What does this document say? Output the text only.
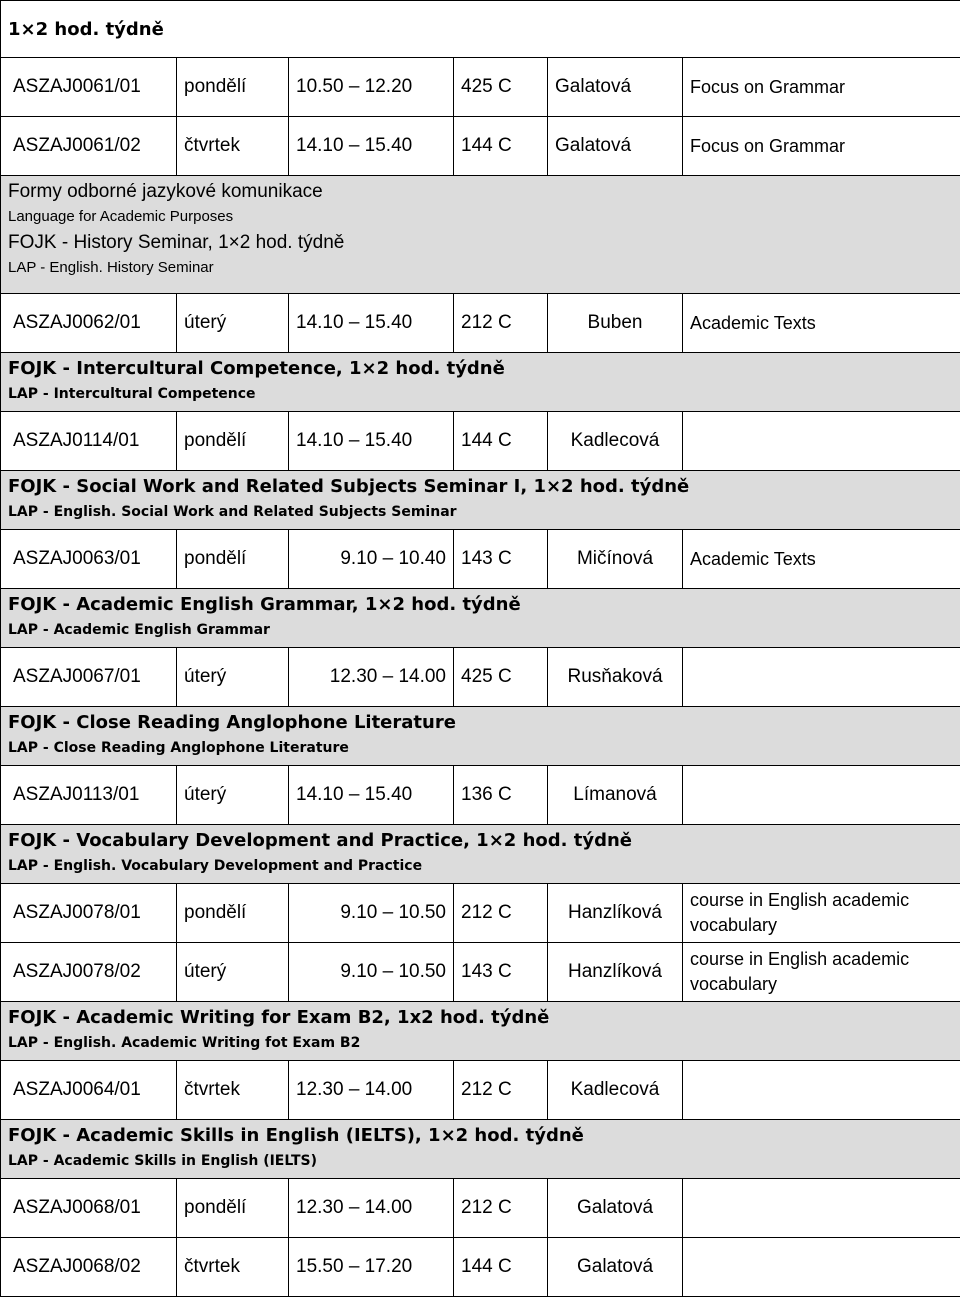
1×2 hod. týdně					
ASZAJ0061/01	pondělí	10.50 – 12.20	425 C	Galatová	Focus on Grammar
ASZAJ0061/02	čtvrtek	14.10 – 15.40	144 C	Galatová	Focus on Grammar

Formy odborné jazykové komunikace
Language for Academic Purposes
FOJK - History Seminar, 1×2 hod. týdně
LAP - English. History Seminar					

ASZAJ0062/01	úterý	14.10 – 15.40	212 C	Buben	Academic Texts

FOJK - Intercultural Competence, 1×2 hod. týdně
LAP - Intercultural Competence					

ASZAJ0114/01	pondělí	14.10 – 15.40	144 C	Kadlecová	

FOJK - Social Work and Related Subjects Seminar I, 1×2 hod. týdně
LAP - English. Social Work and Related Subjects Seminar					

ASZAJ0063/01	pondělí	9.10 – 10.40	143 C	Mičínová	Academic Texts

FOJK - Academic English Grammar, 1×2 hod. týdně
LAP - Academic English Grammar					

ASZAJ0067/01	úterý	12.30 – 14.00	425 C	Rusňaková	

FOJK - Close Reading Anglophone Literature
LAP - Close Reading Anglophone Literature					

ASZAJ0113/01	úterý	14.10 – 15.40	136 C	Límanová	

FOJK - Vocabulary Development and Practice, 1×2 hod. týdně
LAP - English. Vocabulary Development and Practice					

ASZAJ0078/01	pondělí	9.10 – 10.50	212 C	Hanzlíková	course in English academic vocabulary
ASZAJ0078/02	úterý	9.10 – 10.50	143 C	Hanzlíková	course in English academic vocabulary

FOJK - Academic Writing for Exam B2, 1x2 hod. týdně
LAP - English. Academic Writing fot Exam B2					

ASZAJ0064/01	čtvrtek	12.30 – 14.00	212 C	Kadlecová	

FOJK - Academic Skills in English (IELTS), 1×2 hod. týdně
LAP - Academic Skills in English (IELTS)					

ASZAJ0068/01	pondělí	12.30 – 14.00	212 C	Galatová	
ASZAJ0068/02	čtvrtek	15.50 – 17.20	144 C	Galatová	
